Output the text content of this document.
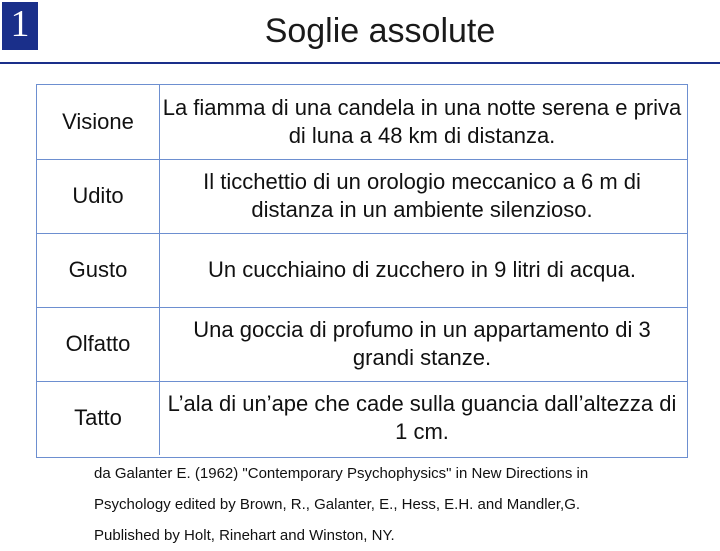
1	Soglie assolute
Visione
La fiamma di una candela in una notte serena e priva di luna a 48 km di distanza.
Udito
Il ticchettio di un orologio meccanico a 6 m di distanza in un ambiente silenzioso.
Gusto	Un cucchiaino di zucchero in 9 litri di acqua.
Olfatto
Una goccia di profumo in un appartamento di 3 grandi stanze.
Tatto
L’ala di un’ape che cade sulla guancia dall’altezza di 1 cm.
da Galanter E. (1962) "Contemporary Psychophysics" in New Directions in
Psychology edited by Brown, R., Galanter, E., Hess, E.H. and Mandler,G.
Published by Holt, Rinehart and Winston, NY.
